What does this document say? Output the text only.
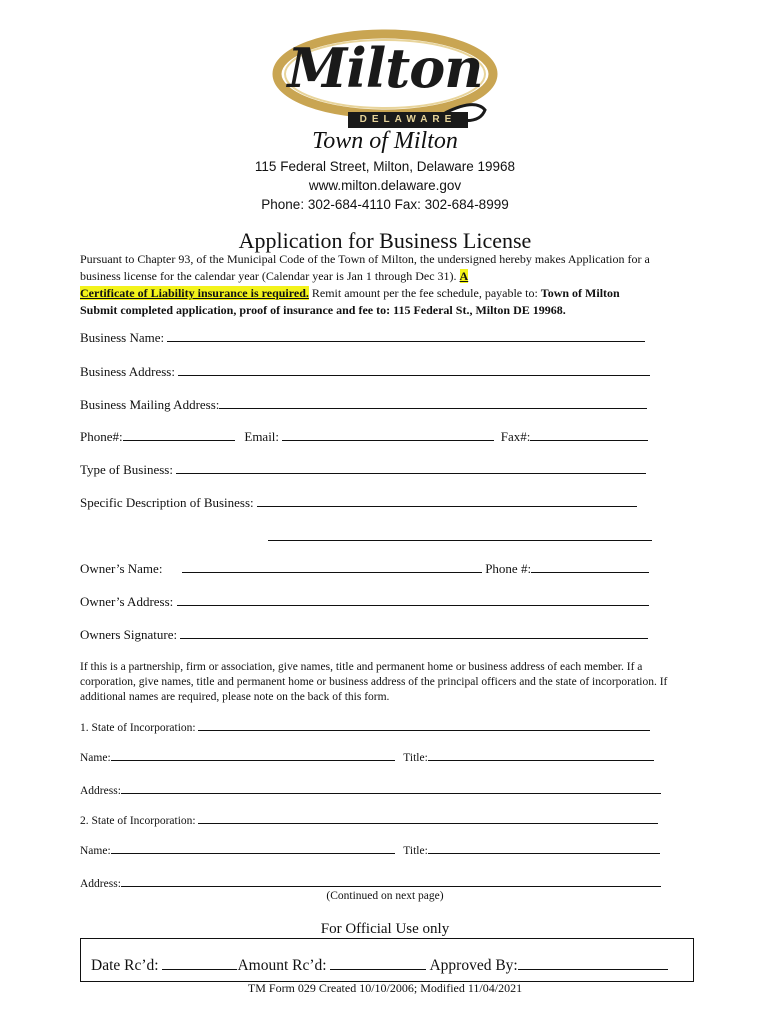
Milton
DELAWARE
Town of Milton
115 Federal Street, Milton, Delaware 19968
www.milton.delaware.gov
Phone: 302-684-4110 Fax: 302-684-8999
Application for Business License
Pursuant to Chapter 93, of the Municipal Code of the Town of Milton, the undersigned hereby makes Application for a business license for the calendar year (Calendar year is Jan 1 through Dec 31). A
Certificate of Liability insurance is required. Remit amount per the fee schedule, payable to: Town of Milton
Submit completed application, proof of insurance and fee to: 115 Federal St., Milton DE 19968.
Business Name:
Business Address:
Business Mailing Address:
Phone#:	Email:	Fax#:
Type of Business:
Specific Description of Business:
Owner’s Name:	Phone #:
Owner’s Address:
Owners Signature:
If this is a partnership, firm or association, give names, title and permanent home or business address of each member. If a corporation, give names, title and permanent home or business address of the principal officers and the state of incorporation. If additional names are required, please note on the back of this form.
1. State of Incorporation:
Name:	Title:
Address:
2. State of Incorporation:
Name:	Title:
Address:
(Continued on next page)
For Official Use only
Date Rc’d:	Amount Rc’d:	Approved By:
TM Form 029 Created 10/10/2006; Modified 11/04/2021
